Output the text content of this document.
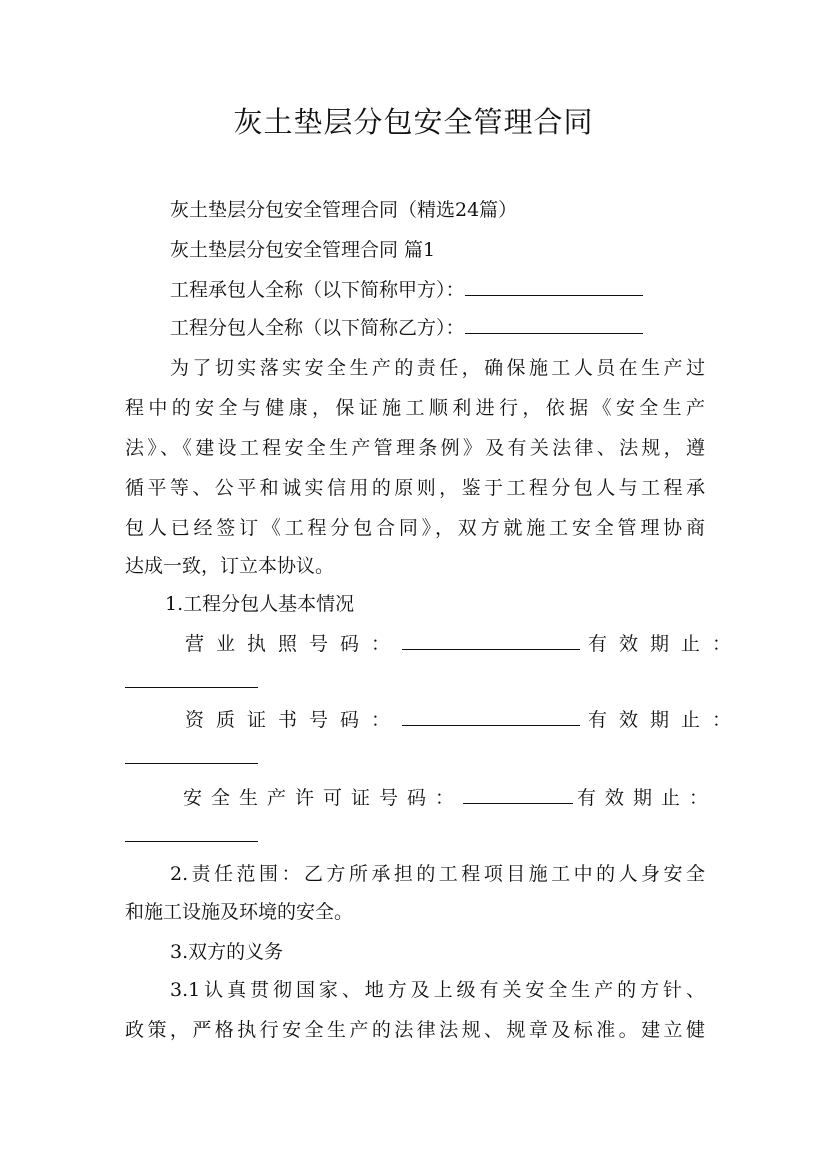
灰土垫层分包安全管理合同
灰土垫层分包安全管理合同（精选24篇）
灰土垫层分包安全管理合同 篇1
工程承包人全称（以下简称甲方）：
工程分包人全称（以下简称乙方）：
为了切实落实安全生产的责任，确保施工人员在生产过
程中的安全与健康，保证施工顺利进行，依据《安全生产
法》、《建设工程安全生产管理条例》及有关法律、法规，遵
循平等、公平和诚实信用的原则，鉴于工程分包人与工程承
包人已经签订《工程分包合同》，双方就施工安全管理协商
达成一致，订立本协议。
1.工程分包人基本情况
营业执照号码：	有效期止：
资质证书号码：	有效期止：
安全生产许可证号码：	有效期止：
2.责任范围：乙方所承担的工程项目施工中的人身安全
和施工设施及环境的安全。
3.双方的义务
3.1认真贯彻国家、地方及上级有关安全生产的方针、
政策，严格执行安全生产的法律法规、规章及标准。建立健
